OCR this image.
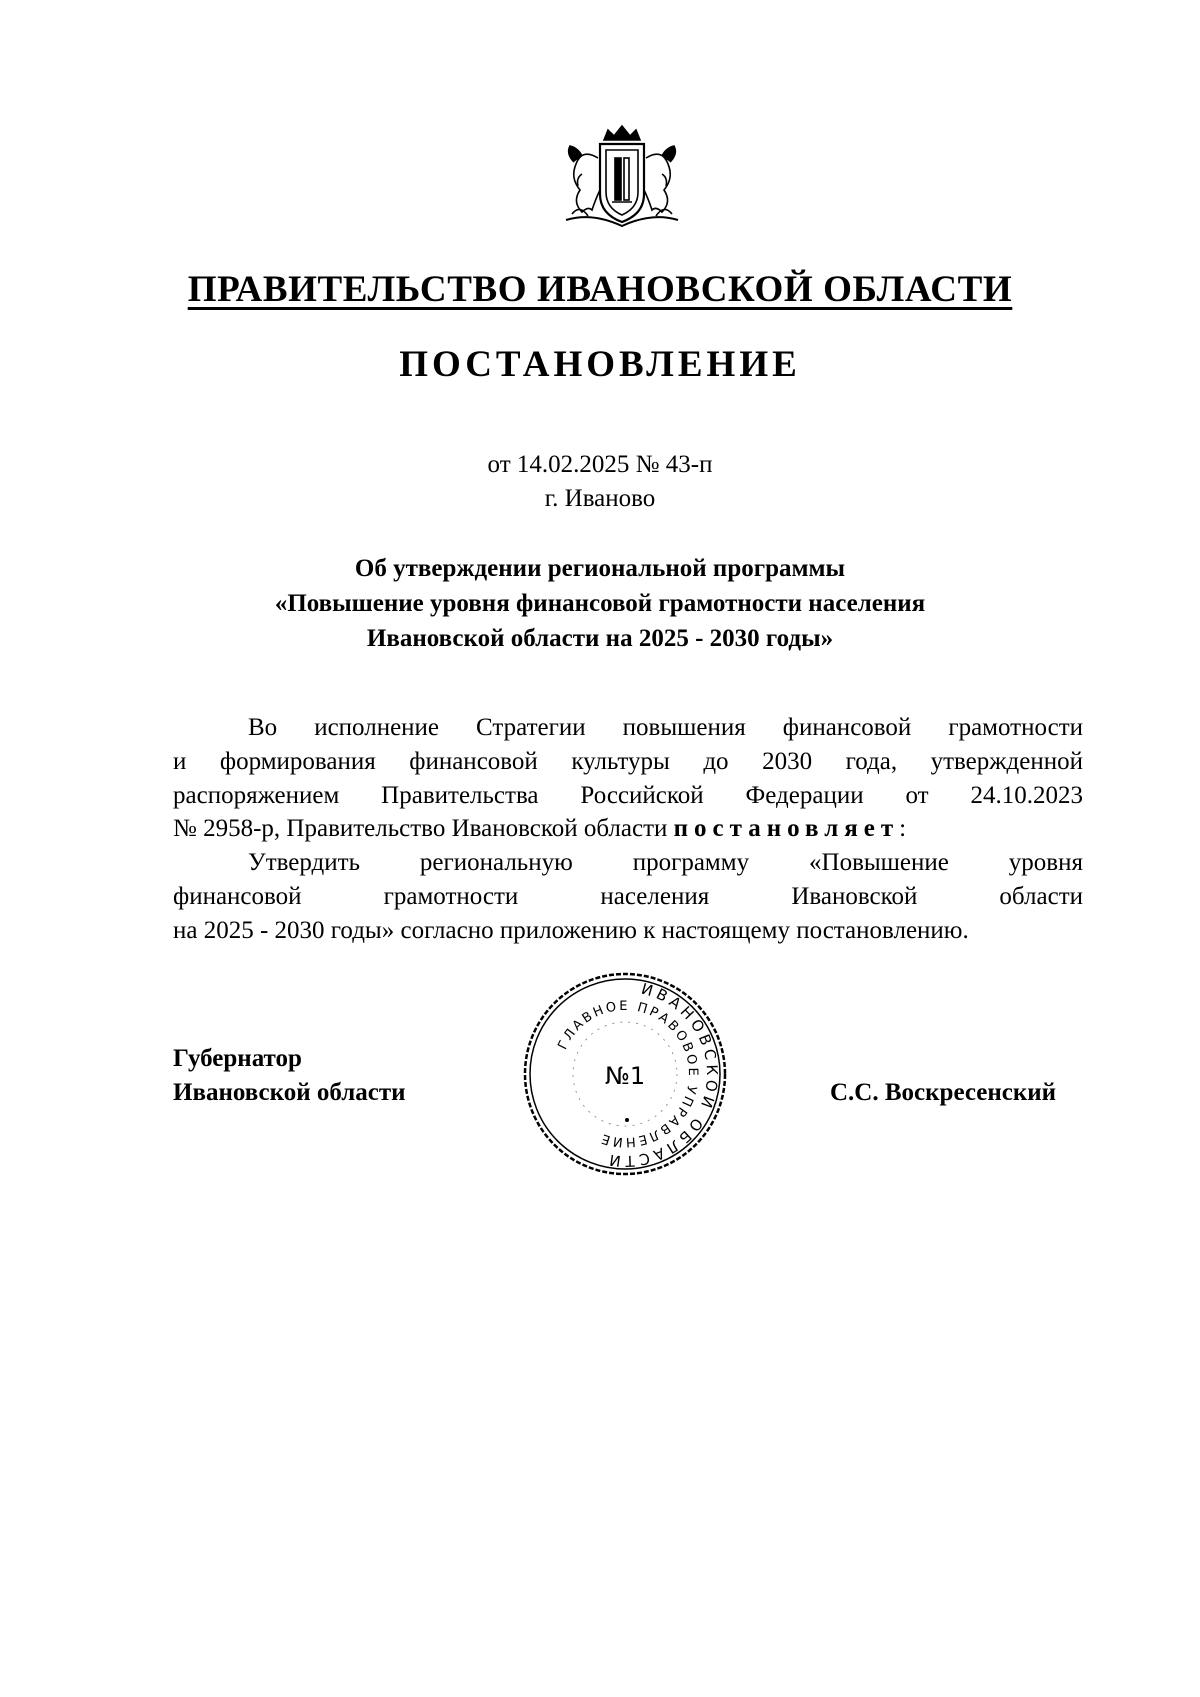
ПРАВИТЕЛЬСТВО ИВАНОВСКОЙ ОБЛАСТИ
ПОСТАНОВЛЕНИЕ
от 14.02.2025 № 43-п
г. Иваново
Об утверждении региональной программы
«Повышение уровня финансовой грамотности населения
Ивановской области на 2025 - 2030 годы»
Во исполнение Стратегии повышения финансовой грамотности
и формирования финансовой культуры до 2030 года, утвержденной
распоряжением Правительства Российской Федерации от 24.10.2023
№ 2958-р, Правительство Ивановской области постановляет:
Утвердить региональную программу «Повышение уровня
финансовой грамотности населения Ивановской области
на 2025 - 2030 годы» согласно приложению к настоящему постановлению.
Губернатор
Ивановской области	С.С. Воскресенский
ИВАНОВСКОЙ ОБЛАСТИ
ГЛАВНОЕ ПРАВОВОЕ УПРАВЛЕНИЕ
№1
